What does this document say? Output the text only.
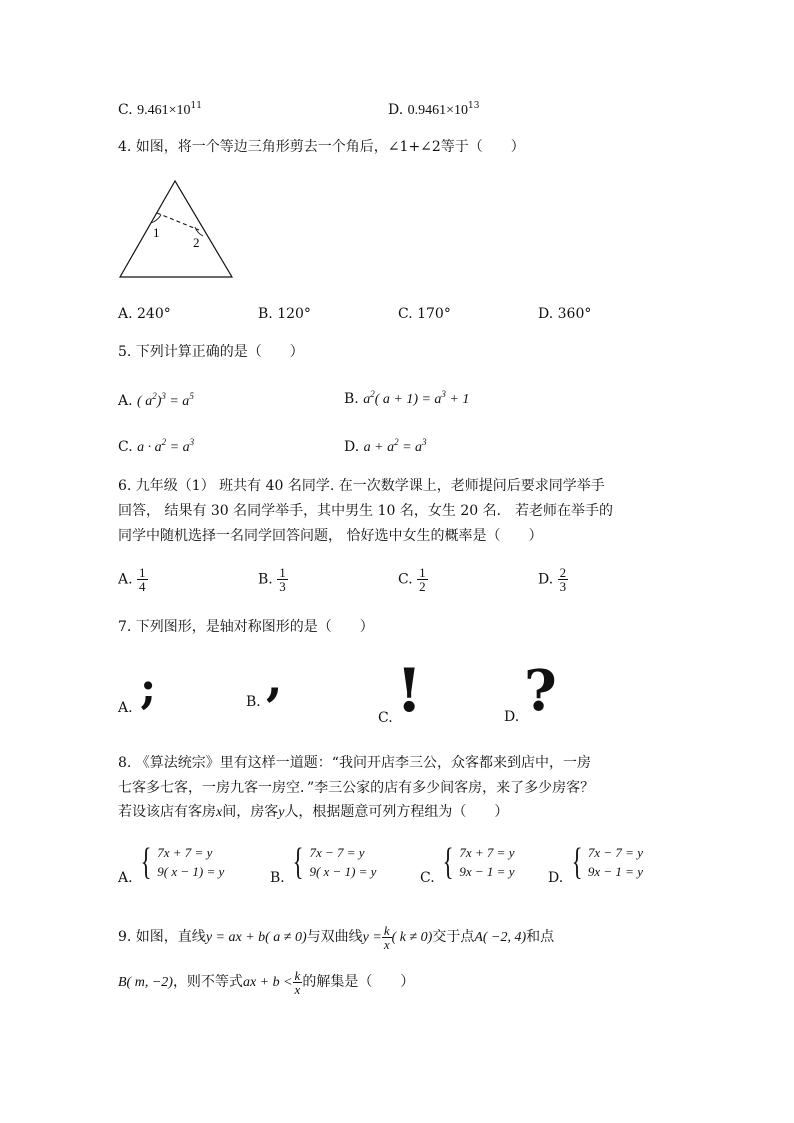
C. $9.461\times 10^{11}$	D. $0.9461\times 10^{13}$
4. 如图，将一个等边三角形剪去一个角后，∠1+∠2等于（　　）
1
2
A. 240°	B. 120°	C. 170°	D. 360°
5. 下列计算正确的是（　　）
A. ( $a^2)^3 = a^5$	B. $a^2$( $a + 1) = a^3 + 1$
C. $a \cdot a^2 = a^3$	D. $a + a^2 = a^3$
6. 九年级（1） 班共有 40 名同学. 在一次数学课上，老师提问后要求同学举手
回答， 结果有 30 名同学举手，其中男生 10 名，女生 20 名． 若老师在举手的
同学中随机选择一名同学回答问题， 恰好选中女生的概率是（　　）
A. $\frac{1}{4}$	B. $\frac{1}{3}$	C. $\frac{1}{2}$	D. $\frac{2}{3}$
7. 下列图形，是轴对称图形的是（　　）
A. ;	B. ,
C. !	D. ?
8. 《算法统宗》里有这样一道题：“我问开店李三公，众客都来到店中，一房
七客多七客，一房九客一房空．”李三公家的店有多少间客房，来了多少房客？
若设该店有客房x间，房客y人，根据题意可列方程组为（　　）
A. { 7x + 7 = y
9( x − 1) = y	B. { 7x − 7 = y
9( x − 1) = y	C. { 7x + 7 = y
9x − 1 = y D. { 7x − 7 = y
9x − 1 = y
9. 如图，直线y = ax + b( a ≠ 0)与双曲线$y = \frac{k}{x}$ ( k ≠ 0)交于点A( −2, 4)和点
B( m, −2)，则不等式ax + $b < \frac{k}{x}$ 的解集是（　　）
